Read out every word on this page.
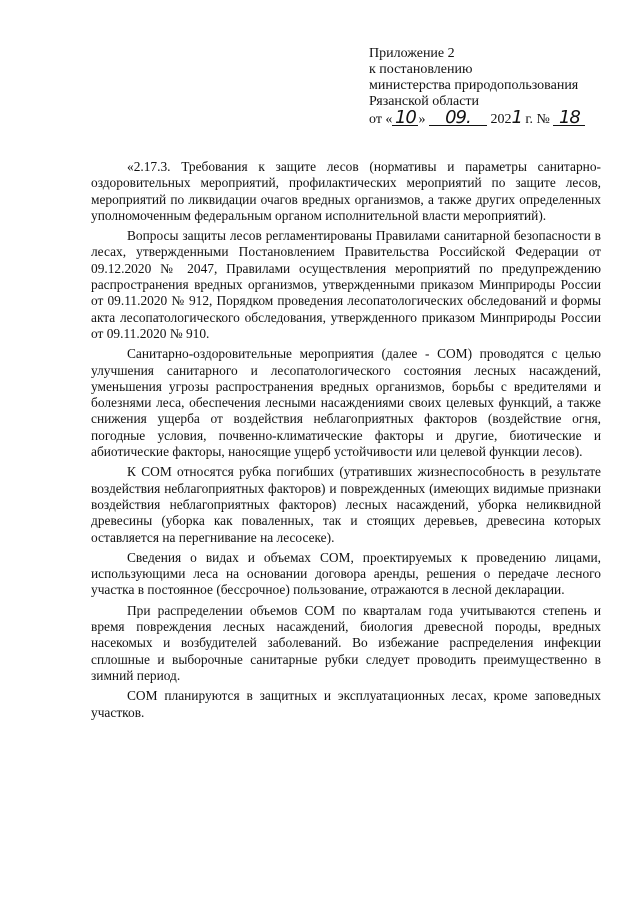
Приложение 2
к постановлению
министерства природопользования
Рязанской области
от « 10 » 09. 2021 г. № 18

«2.17.3. Требования к защите лесов (нормативы и параметры санитарно-оздоровительных мероприятий, профилактических мероприятий по защите лесов, мероприятий по ликвидации очагов вредных организмов, а также других определенных уполномоченным федеральным органом исполнительной власти мероприятий).

Вопросы защиты лесов регламентированы Правилами санитарной безопасности в лесах, утвержденными Постановлением Правительства Российской Федерации от 09.12.2020 № 2047, Правилами осуществления мероприятий по предупреждению распространения вредных организмов, утвержденными приказом Минприроды России от 09.11.2020 № 912, Порядком проведения лесопатологических обследований и формы акта лесопатологического обследования, утвержденного приказом Минприроды России от 09.11.2020 № 910.

Санитарно-оздоровительные мероприятия (далее - СОМ) проводятся с целью улучшения санитарного и лесопатологического состояния лесных насаждений, уменьшения угрозы распространения вредных организмов, борьбы с вредителями и болезнями леса, обеспечения лесными насаждениями своих целевых функций, а также снижения ущерба от воздействия неблагоприятных факторов (воздействие огня, погодные условия, почвенно-климатические факторы и другие, биотические и абиотические факторы, наносящие ущерб устойчивости или целевой функции лесов).

К СОМ относятся рубка погибших (утративших жизнеспособность в результате воздействия неблагоприятных факторов) и поврежденных (имеющих видимые признаки воздействия неблагоприятных факторов) лесных насаждений, уборка неликвидной древесины (уборка как поваленных, так и стоящих деревьев, древесина которых оставляется на перегнивание на лесосеке).

Сведения о видах и объемах СОМ, проектируемых к проведению лицами, использующими леса на основании договора аренды, решения о передаче лесного участка в постоянное (бессрочное) пользование, отражаются в лесной декларации.

При распределении объемов СОМ по кварталам года учитываются степень и время повреждения лесных насаждений, биология древесной породы, вредных насекомых и возбудителей заболеваний. Во избежание распределения инфекции сплошные и выборочные санитарные рубки следует проводить преимущественно в зимний период.

СОМ планируются в защитных и эксплуатационных лесах, кроме заповедных участков.
